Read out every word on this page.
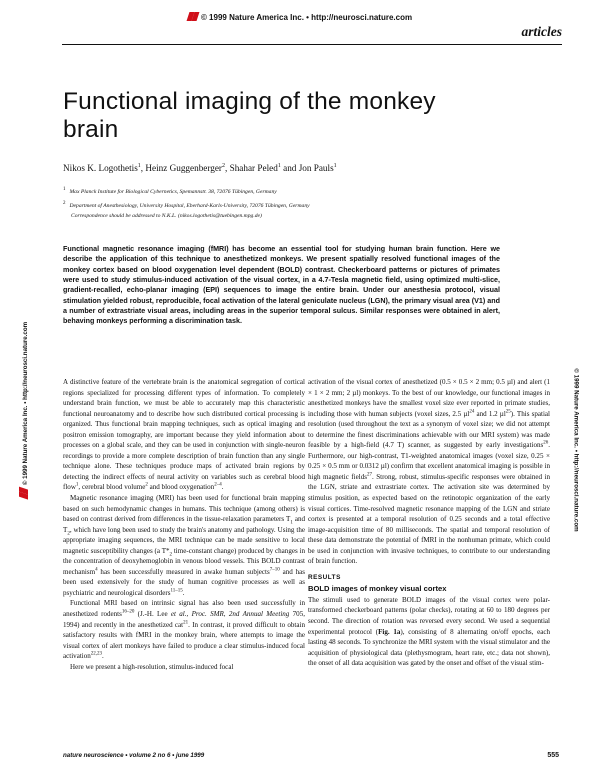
© 1999 Nature America Inc. • http://neurosci.nature.com
articles
Functional imaging of the monkey brain
Nikos K. Logothetis$^1$, Heinz Guggenberger$^2$, Shahar Peled$^1$ and Jon Pauls$^1$
$^1$ Max Planck Institute for Biological Cybernetics, Spemannstr. 38, 72076 Tübingen, Germany
$^2$ Department of Anesthesiology, University Hospital, Eberhard-Karls-University, 72076 Tübingen, Germany
Correspondence should be addressed to N.K.L. (nikos.logothetis@tuebingen.mpg.de)
Functional magnetic resonance imaging (fMRI) has become an essential tool for studying human brain function. Here we describe the application of this technique to anesthetized monkeys. We present spatially resolved functional images of the monkey cortex based on blood oxygenation level dependent (BOLD) contrast. Checkerboard patterns or pictures of primates were used to study stimulus-induced activation of the visual cortex, in a 4.7-Tesla magnetic field, using optimized multi-slice, gradient-recalled, echo-planar imaging (EPI) sequences to image the entire brain. Under our anesthesia protocol, visual stimulation yielded robust, reproducible, focal activation of the lateral geniculate nucleus (LGN), the primary visual area (V1) and a number of extrastriate visual areas, including areas in the superior temporal sulcus. Similar responses were obtained in alert, behaving monkeys performing a discrimination task.
© 1999 Nature America Inc. • http://neurosci.nature.com	© 1999 Nature America Inc. • http://neurosci.nature.com

A distinctive feature of the vertebrate brain is the anatomical segregation of cortical regions specialized for processing different types of information. To completely understand brain function, we must be able to accurately map this characteristic functional neuroanatomy and to describe how such distributed cortical processing is organized. Thus functional brain mapping techniques, such as optical imaging and positron emission tomography, are important because they yield information about processes on a global scale, and they can be used in conjunction with single-neuron recordings to provide a more complete description of brain function than any single technique alone. These techniques produce maps of activated brain regions by detecting the indirect effects of neural activity on variables such as cerebral blood flow$^1$, cerebral blood volume$^2$ and blood oxygenation$^{2-4}$.

Magnetic resonance imaging (MRI) has been used for functional brain mapping based on such hemodynamic changes in humans. This technique (among others) is based on contrast derived from differences in the tissue-relaxation parameters $T_1$ and $T_2$, which have long been used to study the brain's anatomy and pathology. Using the appropriate imaging sequences, the MRI technique can be made sensitive to local magnetic susceptibility changes (a $T*_2$ time-constant change) produced by changes in the concentration of deoxyhemoglobin in venous blood vessels. This BOLD contrast mechanism$^4$ has been successfully measured in awake human subjects$^{7-10}$ and has been used extensively for the study of human cognitive processes as well as psychiatric and neurological disorders$^{11-15}$.

Functional MRI based on intrinsic signal has also been used successfully in anesthetized rodents$^{16-20}$ (J.-H. Lee et al., Proc. SMR, 2nd Annual Meeting 705, 1994) and recently in the anesthetized cat$^{21}$. In contrast, it proved difficult to obtain satisfactory results with fMRI in the monkey brain, where attempts to image the visual cortex of alert monkeys have failed to produce a clear stimulus-induced focal activation$^{22,23}$.

Here we present a high-resolution, stimulus-induced focal

activation of the visual cortex of anesthetized (0.5 × 0.5 × 2 mm; 0.5 µl) and alert (1 × 1 × 2 mm; 2 µl) monkeys. To the best of our knowledge, our functional images in anesthetized monkeys have the smallest voxel size ever reported in primate studies, including those with human subjects (voxel sizes, 2.5 µl$^{24}$ and 1.2 µl$^{25}$). This spatial resolution (used throughout the text as a synonym of voxel size; we did not attempt to determine the finest discriminations achievable with our MRI system) was made feasible by a high-field (4.7 T) scanner, as suggested by early investigations$^{26}$. Furthermore, our high-contrast, T1-weighted anatomical images (voxel size, 0.25 × 0.25 × 0.5 mm or 0.0312 µl) confirm that excellent anatomical imaging is possible in high magnetic fields$^{27}$. Strong, robust, stimulus-specific responses were obtained in the LGN, striate and extrastriate cortex. The activation site was determined by stimulus position, as expected based on the retinotopic organization of the early visual cortices. Time-resolved magnetic resonance mapping of the LGN and striate cortex is presented at a temporal resolution of 0.25 seconds and a total effective image-acquisition time of 80 milliseconds. The spatial and temporal resolution of these data demonstrate the potential of fMRI in the nonhuman primate, which could be used in conjunction with invasive techniques, to contribute to our understanding of brain function.

RESULTS
BOLD images of monkey visual cortex

The stimuli used to generate BOLD images of the visual cortex were polar-transformed checkerboard patterns (polar checks), rotating at 60 to 180 degrees per second. The direction of rotation was reversed every second. We used a sequential experimental protocol (Fig. 1a), consisting of 8 alternating on/off epochs, each lasting 48 seconds. To synchronize the MRI system with the visual stimulator and the acquisition of physiological data (plethysmogram, heart rate, etc.; data not shown), the onset of all data acquisition was gated by the onset and offset of the visual stim-

nature neuroscience • volume 2 no 6 • june 1999	555
